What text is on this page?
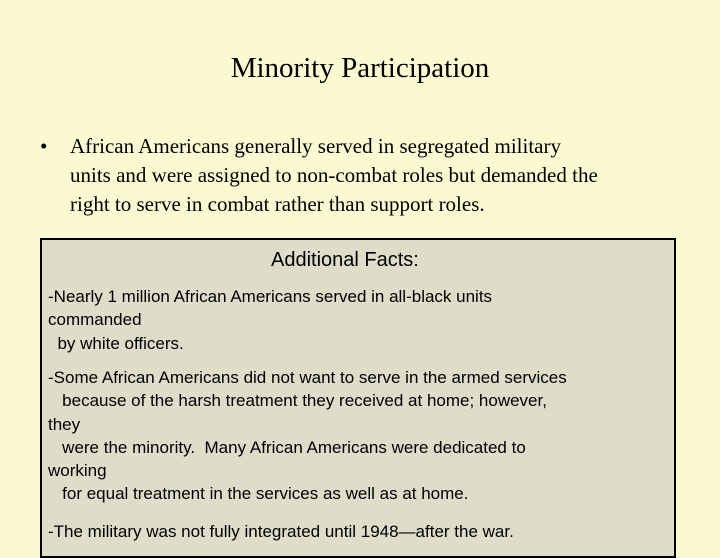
Minority Participation
•	African Americans generally served in segregated military
units and were assigned to non-combat roles but demanded the
right to serve in combat rather than support roles.
Additional Facts:
-Nearly 1 million African Americans served in all-black units
commanded
by white officers.
-Some African Americans did not want to serve in the armed services
because of the harsh treatment they received at home; however,
they
were the minority.  Many African Americans were dedicated to
working
for equal treatment in the services as well as at home.
-The military was not fully integrated until 1948—after the war.
